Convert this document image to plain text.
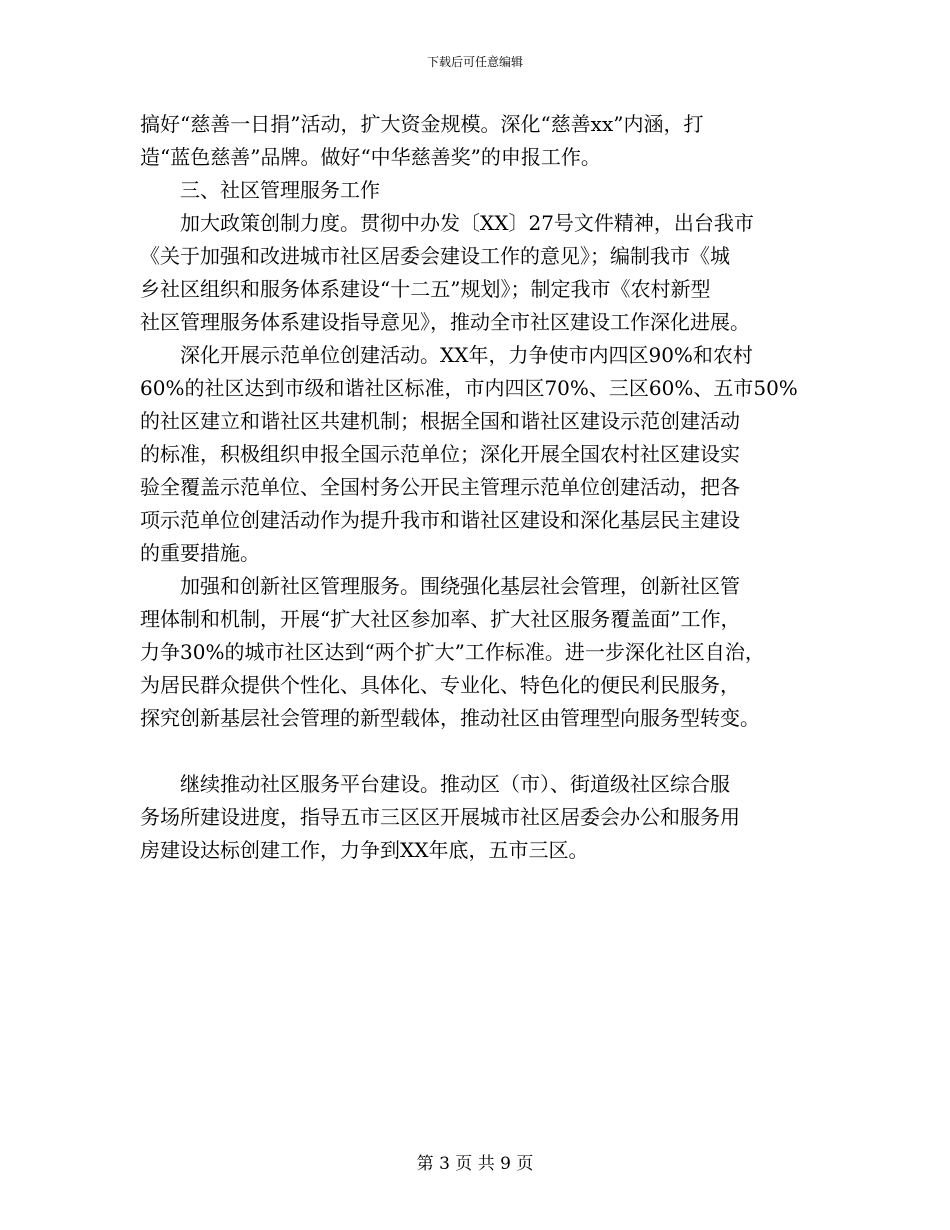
下载后可任意编辑
搞好“慈善一日捐”活动，扩大资金规模。深化“慈善xx”内涵，打
造“蓝色慈善”品牌。做好“中华慈善奖”的申报工作。
　　三、社区管理服务工作
　　加大政策创制力度。贯彻中办发〔XX〕27号文件精神，出台我市
《关于加强和改进城市社区居委会建设工作的意见》；编制我市《城
乡社区组织和服务体系建设“十二五”规划》；制定我市《农村新型
社区管理服务体系建设指导意见》，推动全市社区建设工作深化进展。
　　深化开展示范单位创建活动。XX年，力争使市内四区90%和农村
60%的社区达到市级和谐社区标准，市内四区70%、三区60%、五市50%
的社区建立和谐社区共建机制；根据全国和谐社区建设示范创建活动
的标准，积极组织申报全国示范单位；深化开展全国农村社区建设实
验全覆盖示范单位、全国村务公开民主管理示范单位创建活动，把各
项示范单位创建活动作为提升我市和谐社区建设和深化基层民主建设
的重要措施。
　　加强和创新社区管理服务。围绕强化基层社会管理，创新社区管
理体制和机制，开展“扩大社区参加率、扩大社区服务覆盖面”工作，
力争30%的城市社区达到“两个扩大”工作标准。进一步深化社区自治，
为居民群众提供个性化、具体化、专业化、特色化的便民利民服务，
探究创新基层社会管理的新型载体，推动社区由管理型向服务型转变。
　　继续推动社区服务平台建设。推动区（市）、街道级社区综合服
务场所建设进度，指导五市三区区开展城市社区居委会办公和服务用
房建设达标创建工作，力争到XX年底，五市三区。
第 3 页 共 9 页
